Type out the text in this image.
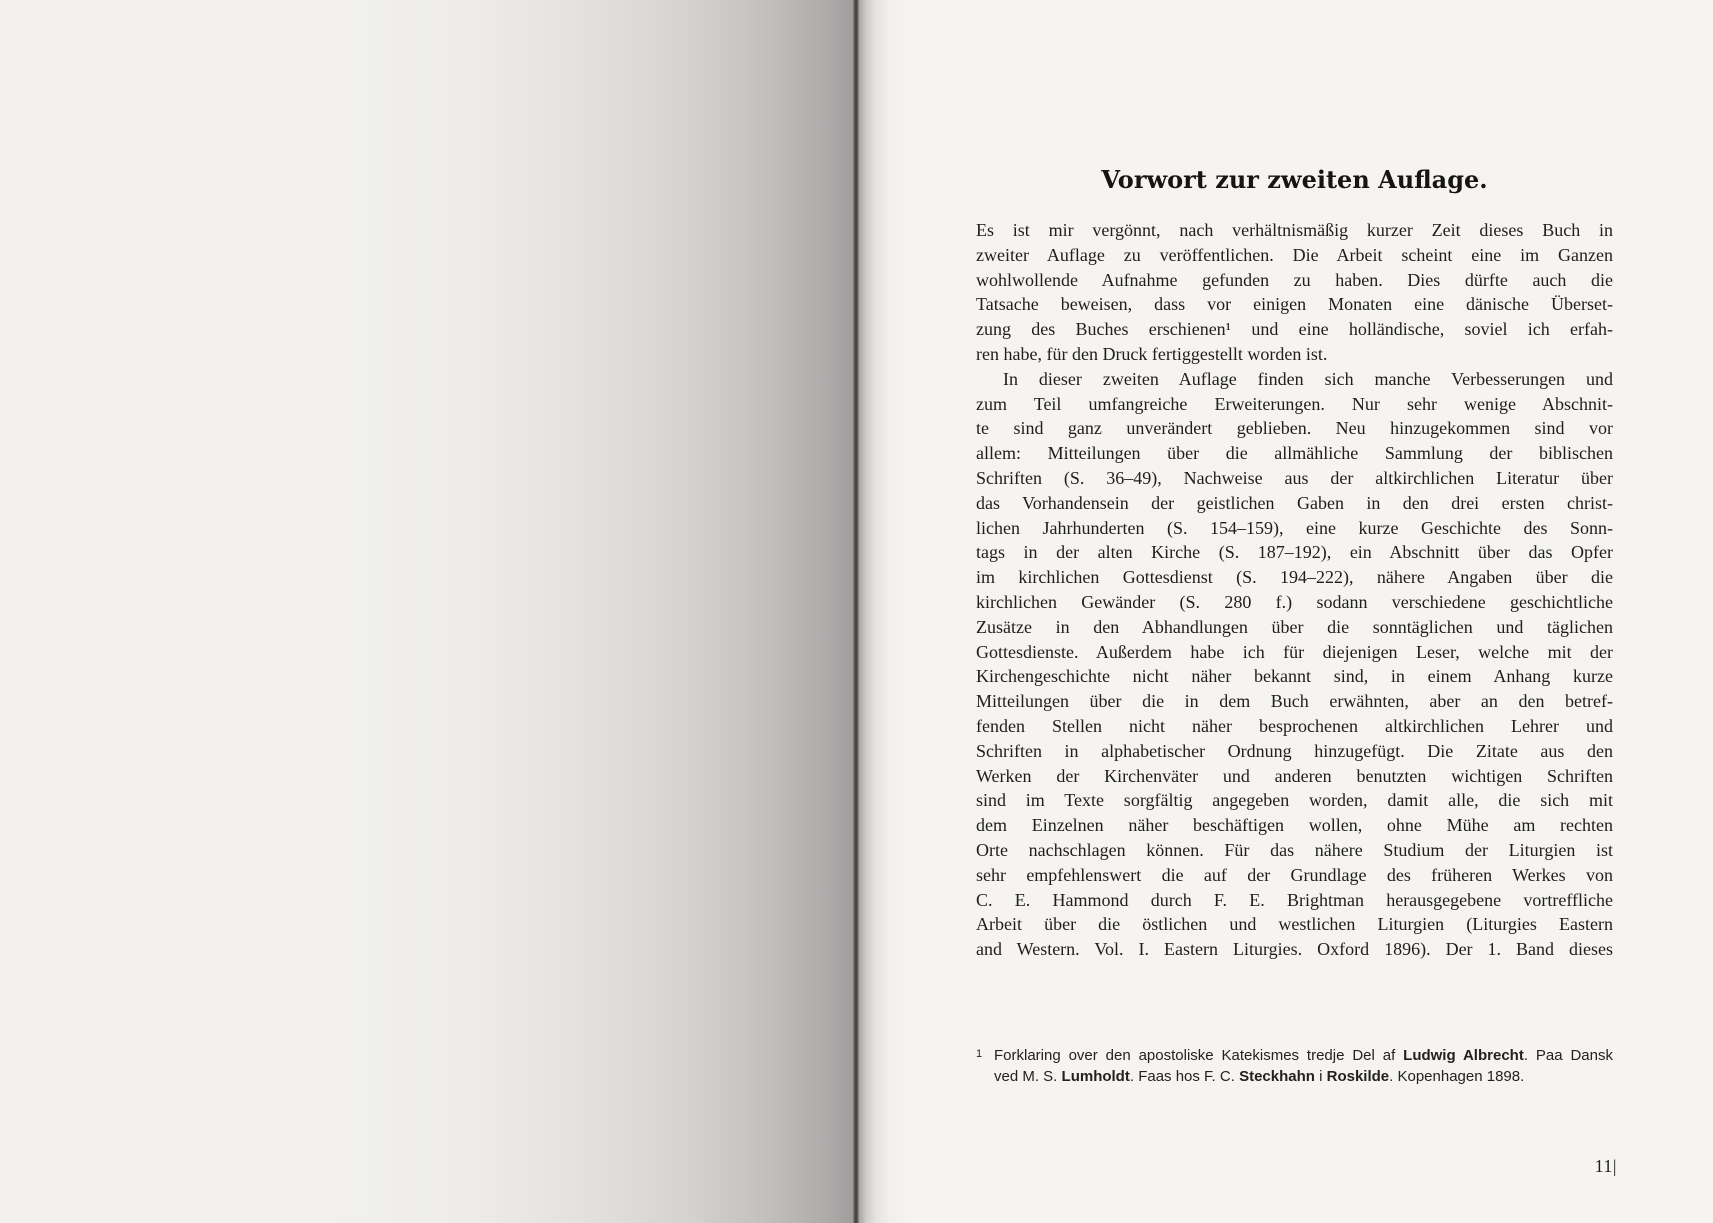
Vorwort zur zweiten Auflage.
Es ist mir vergönnt, nach verhältnismäßig kurzer Zeit dieses Buch in
zweiter Auflage zu veröffentlichen. Die Arbeit scheint eine im Ganzen
wohlwollende Aufnahme gefunden zu haben. Dies dürfte auch die
Tatsache beweisen, dass vor einigen Monaten eine dänische Überset-
zung des Buches erschienen¹ und eine holländische, soviel ich erfah-
ren habe, für den Druck fertiggestellt worden ist.
In dieser zweiten Auflage finden sich manche Verbesserungen und
zum Teil umfangreiche Erweiterungen. Nur sehr wenige Abschnit-
te sind ganz unverändert geblieben. Neu hinzugekommen sind vor
allem: Mitteilungen über die allmähliche Sammlung der biblischen
Schriften (S. 36–49), Nachweise aus der altkirchlichen Literatur über
das Vorhandensein der geistlichen Gaben in den drei ersten christ-
lichen Jahrhunderten (S. 154–159), eine kurze Geschichte des Sonn-
tags in der alten Kirche (S. 187–192), ein Abschnitt über das Opfer
im kirchlichen Gottesdienst (S. 194–222), nähere Angaben über die
kirchlichen Gewänder (S. 280 f.) sodann verschiedene geschichtliche
Zusätze in den Abhandlungen über die sonntäglichen und täglichen
Gottesdienste. Außerdem habe ich für diejenigen Leser, welche mit der
Kirchengeschichte nicht näher bekannt sind, in einem Anhang kurze
Mitteilungen über die in dem Buch erwähnten, aber an den betref-
fenden Stellen nicht näher besprochenen altkirchlichen Lehrer und
Schriften in alphabetischer Ordnung hinzugefügt. Die Zitate aus den
Werken der Kirchenväter und anderen benutzten wichtigen Schriften
sind im Texte sorgfältig angegeben worden, damit alle, die sich mit
dem Einzelnen näher beschäftigen wollen, ohne Mühe am rechten
Orte nachschlagen können. Für das nähere Studium der Liturgien ist
sehr empfehlenswert die auf der Grundlage des früheren Werkes von
C. E. Hammond durch F. E. Brightman herausgegebene vortreffliche
Arbeit über die östlichen und westlichen Liturgien (Liturgies Eastern
and Western. Vol. I. Eastern Liturgies. Oxford 1896). Der 1. Band dieses
$^1$ Forklaring over den apostoliske Katekismes tredje Del af Ludwig Albrecht. Paa Dansk
ved M. S. Lumholdt. Faas hos F. C. Steckhahn i Roskilde. Kopenhagen 1898.
11|
